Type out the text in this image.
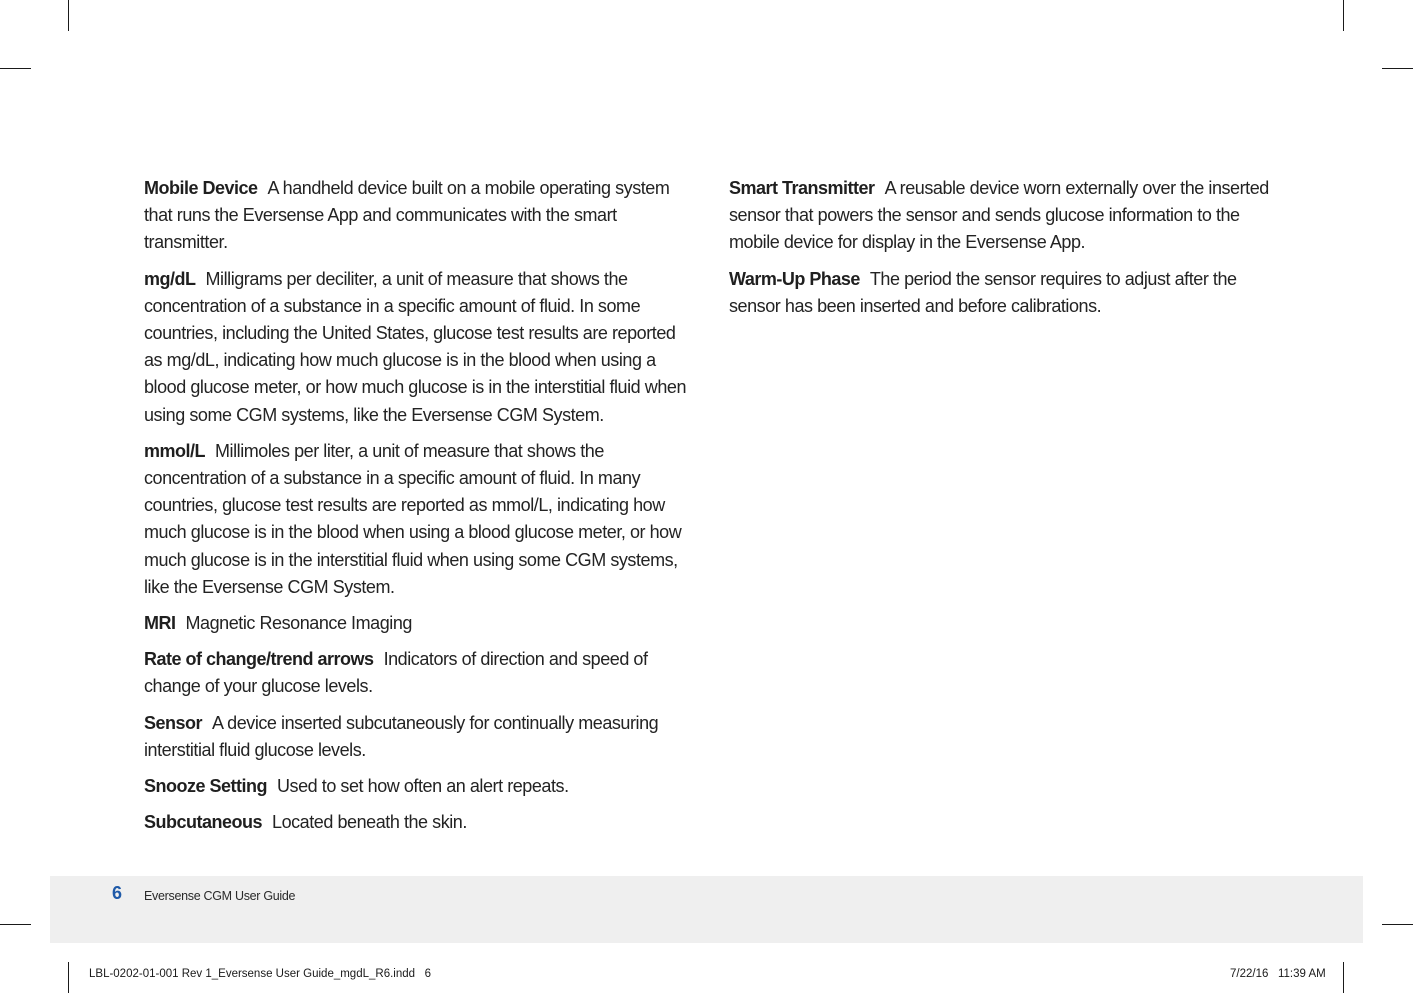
Mobile Device A handheld device built on a mobile operating system that runs the Eversense App and communicates with the smart transmitter.

mg/dL Milligrams per deciliter, a unit of measure that shows the concentration of a substance in a specific amount of fluid. In some countries, including the United States, glucose test results are reported as mg/dL, indicating how much glucose is in the blood when using a blood glucose meter, or how much glucose is in the interstitial fluid when using some CGM systems, like the Eversense CGM System.

mmol/L Millimoles per liter, a unit of measure that shows the concentration of a substance in a specific amount of fluid. In many countries, glucose test results are reported as mmol/L, indicating how much glucose is in the blood when using a blood glucose meter, or how much glucose is in the interstitial fluid when using some CGM systems, like the Eversense CGM System.

MRI Magnetic Resonance Imaging

Rate of change/trend arrows Indicators of direction and speed of change of your glucose levels.

Sensor A device inserted subcutaneously for continually measuring interstitial fluid glucose levels.

Snooze Setting Used to set how often an alert repeats.

Subcutaneous Located beneath the skin.

Smart Transmitter A reusable device worn externally over the inserted sensor that powers the sensor and sends glucose information to the mobile device for display in the Eversense App.

Warm-Up Phase The period the sensor requires to adjust after the sensor has been inserted and before calibrations.

6 Eversense CGM User Guide
LBL-0202-01-001 Rev 1_Eversense User Guide_mgdL_R6.indd   6	7/22/16   11:39 AM
